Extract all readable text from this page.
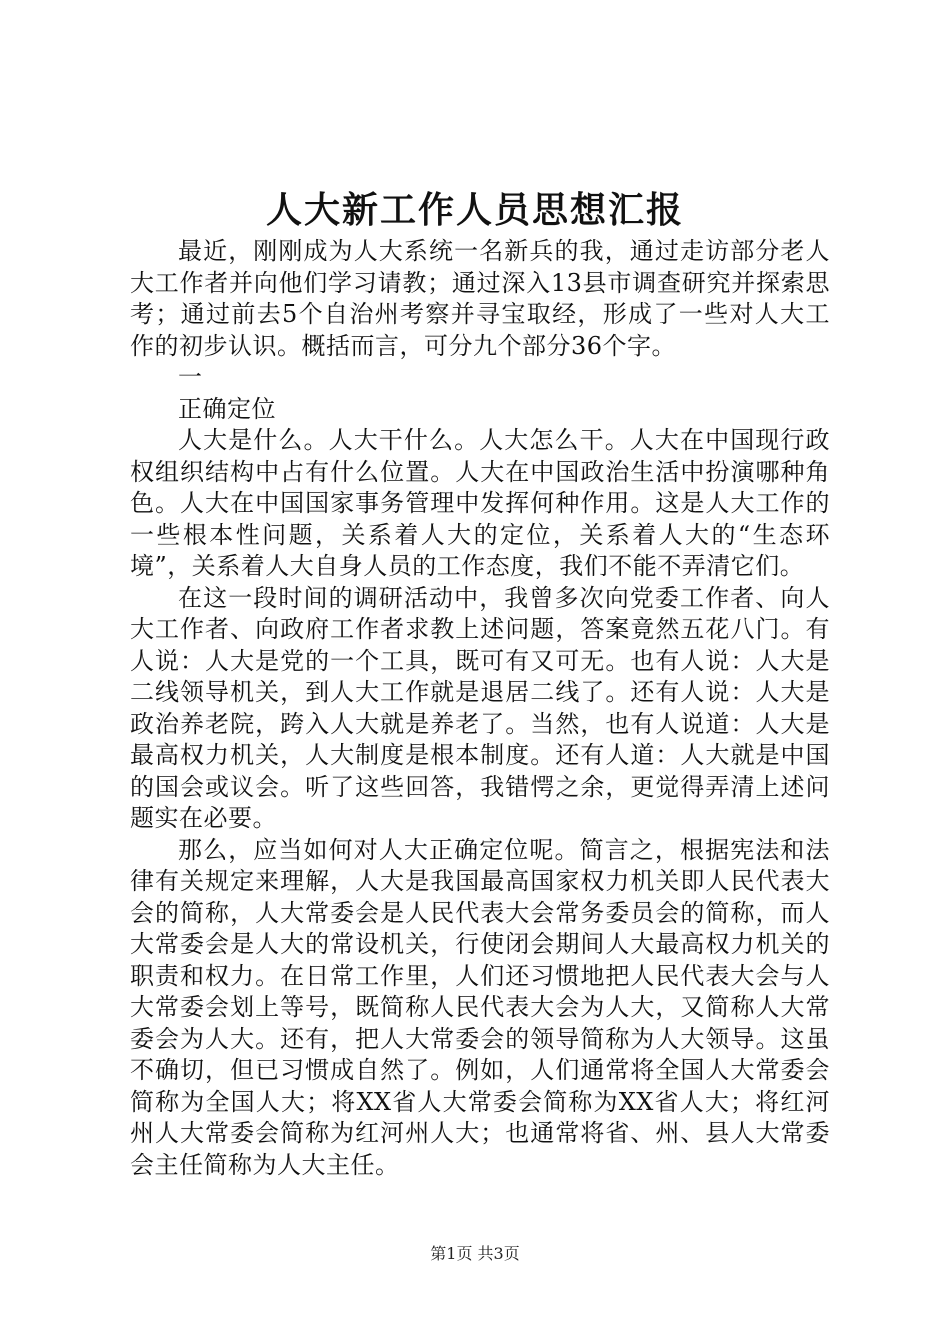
人大新工作人员思想汇报

最近，刚刚成为人大系统一名新兵的我，通过走访部分老人大工作者并向他们学习请教；通过深入13县市调查研究并探索思考；通过前去5个自治州考察并寻宝取经，形成了一些对人大工作的初步认识。概括而言，可分九个部分36个字。

一

正确定位

人大是什么。人大干什么。人大怎么干。人大在中国现行政权组织结构中占有什么位置。人大在中国政治生活中扮演哪种角色。人大在中国国家事务管理中发挥何种作用。这是人大工作的一些根本性问题，关系着人大的定位，关系着人大的“生态环境”，关系着人大自身人员的工作态度，我们不能不弄清它们。

在这一段时间的调研活动中，我曾多次向党委工作者、向人大工作者、向政府工作者求教上述问题，答案竟然五花八门。有人说：人大是党的一个工具，既可有又可无。也有人说：人大是二线领导机关，到人大工作就是退居二线了。还有人说：人大是政治养老院，跨入人大就是养老了。当然，也有人说道：人大是最高权力机关，人大制度是根本制度。还有人道：人大就是中国的国会或议会。听了这些回答，我错愕之余，更觉得弄清上述问题实在必要。

那么，应当如何对人大正确定位呢。简言之，根据宪法和法律有关规定来理解，人大是我国最高国家权力机关即人民代表大会的简称，人大常委会是人民代表大会常务委员会的简称，而人大常委会是人大的常设机关，行使闭会期间人大最高权力机关的职责和权力。在日常工作里，人们还习惯地把人民代表大会与人大常委会划上等号，既简称人民代表大会为人大，又简称人大常委会为人大。还有，把人大常委会的领导简称为人大领导。这虽不确切，但已习惯成自然了。例如，人们通常将全国人大常委会简称为全国人大；将XX省人大常委会简称为XX省人大；将红河州人大常委会简称为红河州人大；也通常将省、州、县人大常委会主任简称为人大主任。

第1页 共3页
